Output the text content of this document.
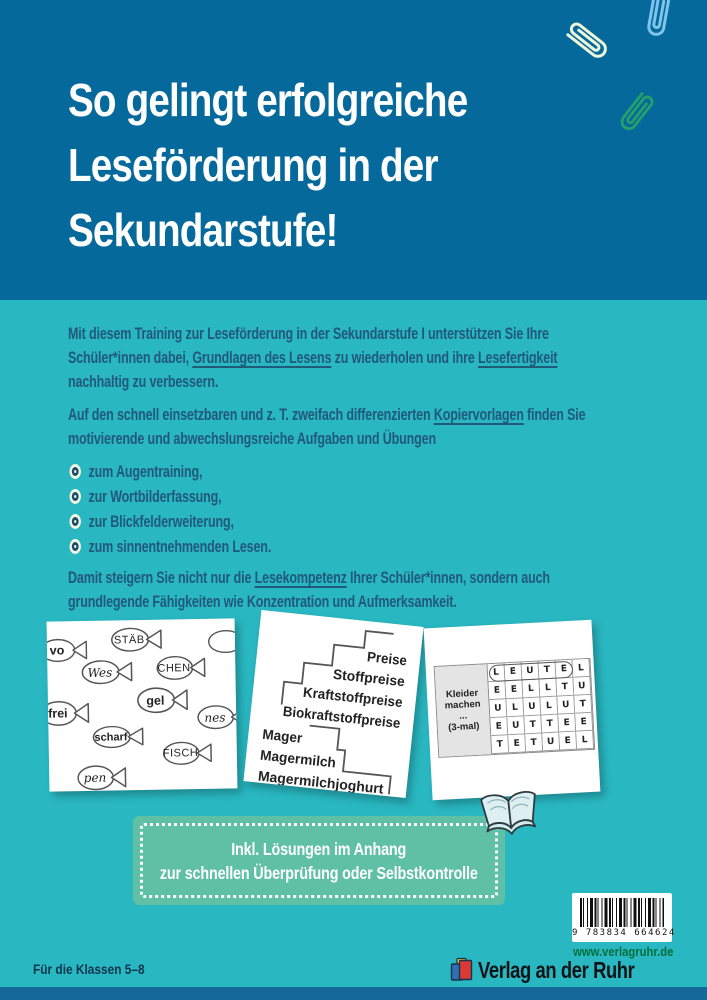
So gelingt erfolgreiche
Leseförderung in der
Sekundarstufe!

Mit diesem Training zur Leseförderung in der Sekundarstufe I unterstützen Sie Ihre Schüler*innen dabei, Grundlagen des Lesens zu wiederholen und ihre Lesefertigkeit nachhaltig zu verbessern.

Auf den schnell einsetzbaren und z. T. zweifach differenzierten Kopiervorlagen finden Sie motivierende und abwechslungsreiche Aufgaben und Übungen

zum Augentraining,
zur Wortbilderfassung,
zur Blickfelderweiterung,
zum sinnentnehmenden Lesen.

Damit steigern Sie nicht nur die Lesekompetenz Ihrer Schüler*innen, sondern auch grundlegende Fähigkeiten wie Konzentration und Aufmerksamkeit.

vo
STÄB
Wes	CHEN
gel
frei	nes
scharf
FISCH
pen
Preise
Stoffpreise
Kraftstoffpreise
Biokraftstoffpreise
Mager
Magermilch
Magermilchjoghurt
Kleider
machen
...
(3-mal)
L	E	U	T	E	L
E	E	L	L	T	U
U	L	U	L	U	T
E	U	T	T	E	E
T	E	T	U	E	L
Inkl. Lösungen im Anhang
zur schnellen Überprüfung oder Selbstkontrolle
9 783834 664624
www.verlagruhr.de
Verlag an der Ruhr
Für die Klassen 5–8
